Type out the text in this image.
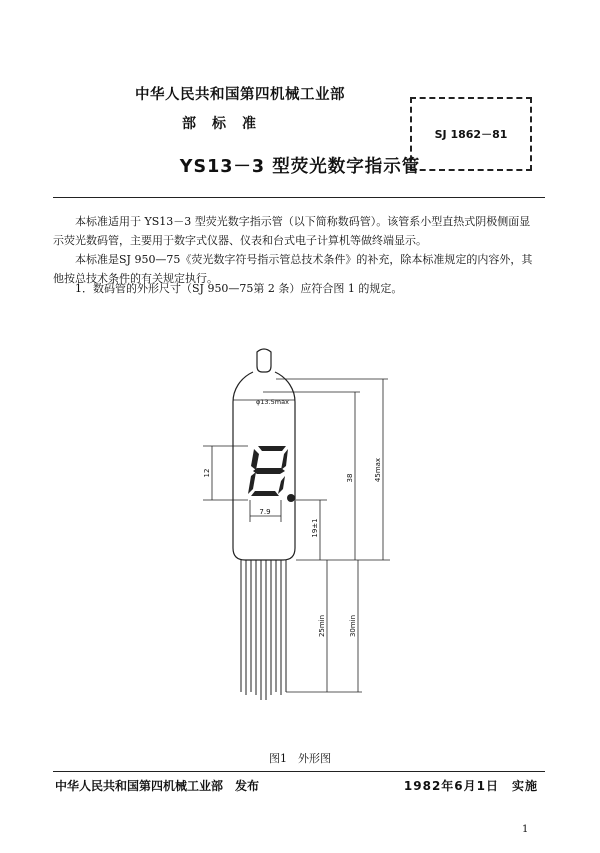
中华人民共和国第四机械工业部
部标准
SJ 1862－81
YS13－3 型荧光数字指示管

本标准适用于 YS13－3 型荧光数字指示管（以下简称数码管）。该管系小型直热式阴极侧面显示荧光数码管，主要用于数字式仪器、仪表和台式电子计算机等做终端显示。

本标准是SJ 950—75《荧光数字符号指示管总技术条件》的补充，除本标准规定的内容外，其他按总技术条件的有关规定执行。

1．数码管的外形尺寸（SJ 950—75第 2 条）应符合图 1 的规定。

φ13.5max
12
7.9
19±1
38	45max
25min	30min
图1　外形图
中华人民共和国第四机械工业部　发布	1982年6月1日　实施
1
